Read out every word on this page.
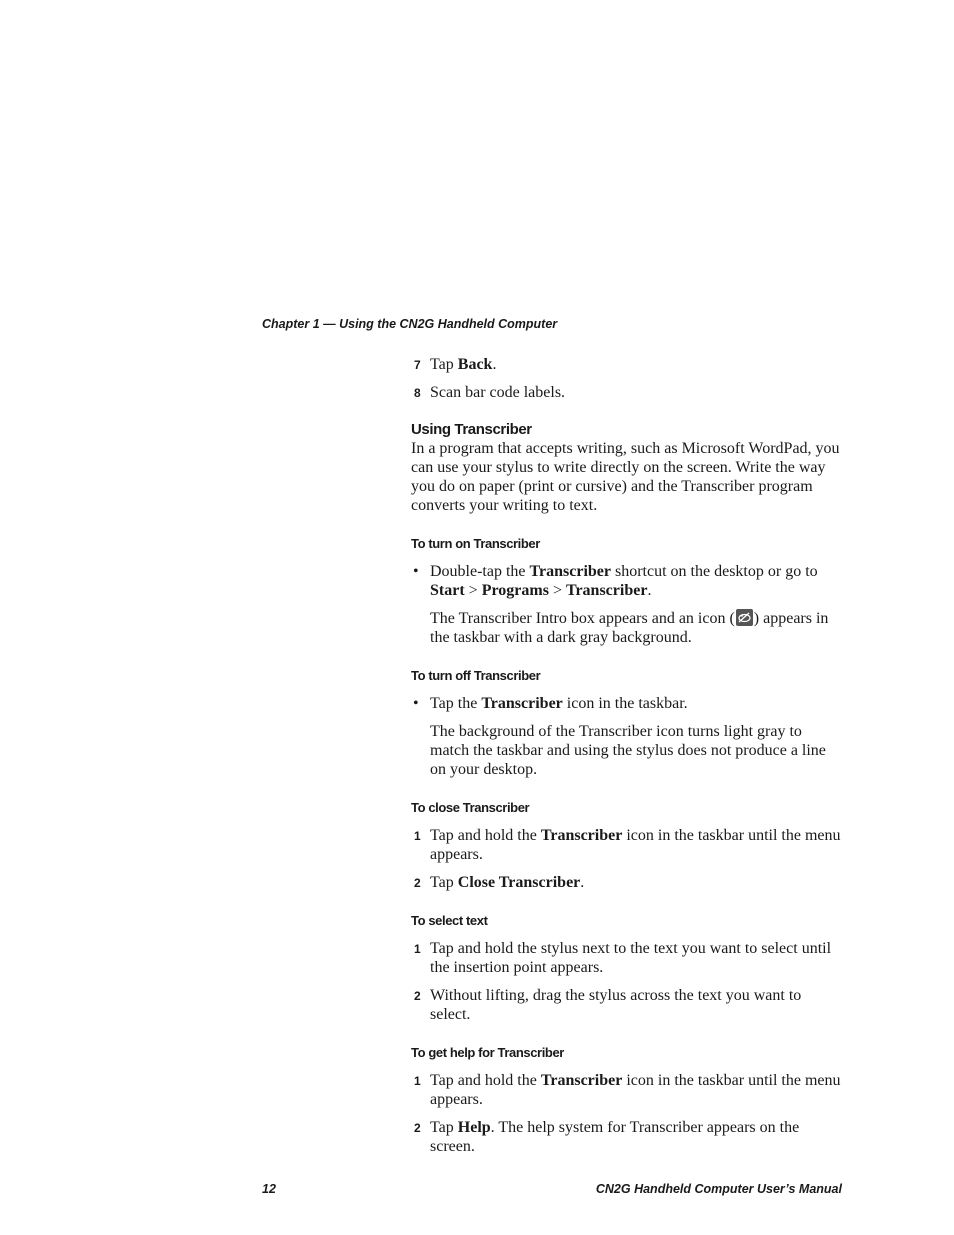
Chapter 1 — Using the CN2G Handheld Computer

7 Tap Back.

8 Scan bar code labels.

Using Transcriber

In a program that accepts writing, such as Microsoft WordPad, you can use your stylus to write directly on the screen. Write the way you do on paper (print or cursive) and the Transcriber program converts your writing to text.

To turn on Transcriber

• Double-tap the Transcriber shortcut on the desktop or go to Start > Programs > Transcriber.

The Transcriber Intro box appears and an icon ( ) appears in the taskbar with a dark gray background.

To turn off Transcriber

• Tap the Transcriber icon in the taskbar.

The background of the Transcriber icon turns light gray to match the taskbar and using the stylus does not produce a line on your desktop.

To close Transcriber

1 Tap and hold the Transcriber icon in the taskbar until the menu appears.

2 Tap Close Transcriber.

To select text

1 Tap and hold the stylus next to the text you want to select until the insertion point appears.

2 Without lifting, drag the stylus across the text you want to select.

To get help for Transcriber

1 Tap and hold the Transcriber icon in the taskbar until the menu appears.

2 Tap Help. The help system for Transcriber appears on the screen.

12	CN2G Handheld Computer User’s Manual
